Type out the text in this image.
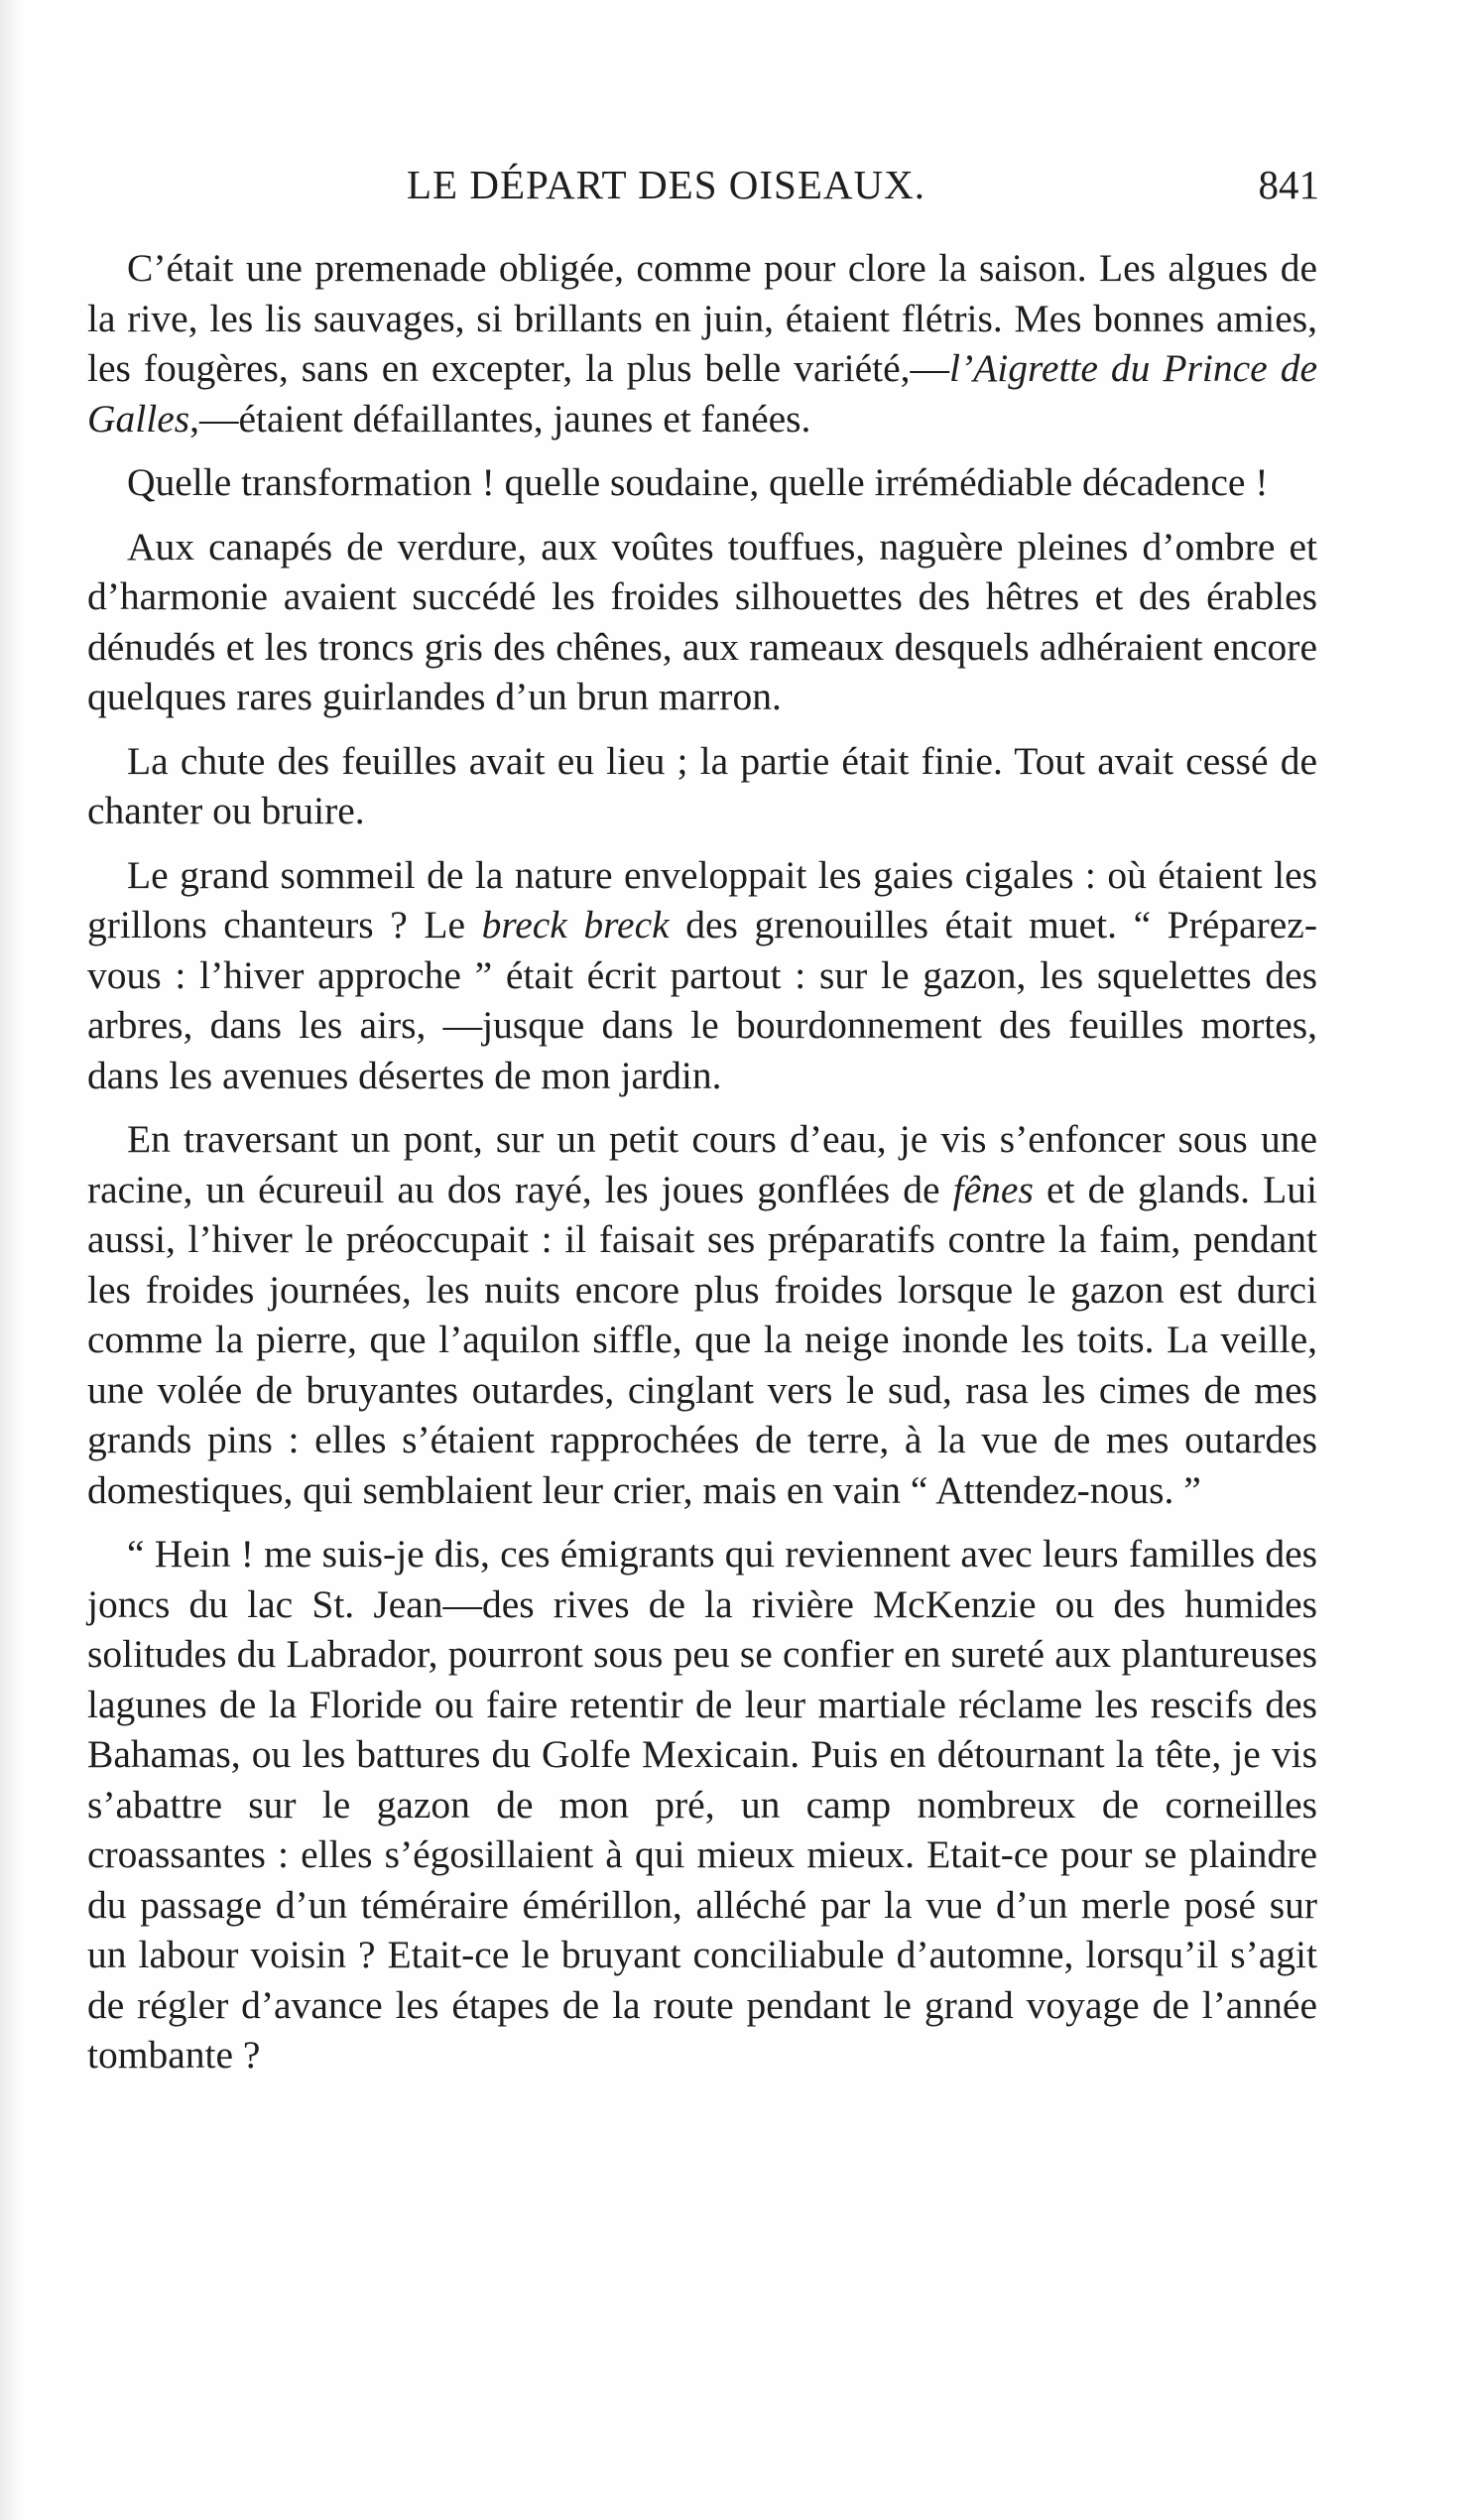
LE DÉPART DES OISEAUX.	841

C’était une premenade obligée, comme pour clore la saison. Les algues de la rive, les lis sauvages, si brillants en juin, étaient flétris. Mes bonnes amies, les fougères, sans en excepter, la plus belle variété,—l’Aigrette du Prince de Galles,—étaient défaillantes, jaunes et fanées.

Quelle transformation ! quelle soudaine, quelle irrémédiable décadence !

Aux canapés de verdure, aux voûtes touffues, naguère pleines d’ombre et d’harmonie avaient succédé les froides silhouettes des hêtres et des érables dénudés et les troncs gris des chênes, aux rameaux desquels adhéraient encore quelques rares guirlandes d’un brun marron.

La chute des feuilles avait eu lieu ; la partie était finie. Tout avait cessé de chanter ou bruire.

Le grand sommeil de la nature enveloppait les gaies cigales : où étaient les grillons chanteurs ? Le breck breck des grenouilles était muet. “ Préparez-vous : l’hiver approche ” était écrit partout : sur le gazon, les squelettes des arbres, dans les airs, —jusque dans le bourdonnement des feuilles mortes, dans les avenues désertes de mon jardin.

En traversant un pont, sur un petit cours d’eau, je vis s’enfoncer sous une racine, un écureuil au dos rayé, les joues gonflées de fênes et de glands. Lui aussi, l’hiver le préoccupait : il faisait ses préparatifs contre la faim, pendant les froides journées, les nuits encore plus froides lorsque le gazon est durci comme la pierre, que l’aquilon siffle, que la neige inonde les toits. La veille, une volée de bruyantes outardes, cinglant vers le sud, rasa les cimes de mes grands pins : elles s’étaient rapprochées de terre, à la vue de mes outardes domestiques, qui semblaient leur crier, mais en vain “ Attendez-nous. ”

“ Hein ! me suis-je dis, ces émigrants qui reviennent avec leurs familles des joncs du lac St. Jean—des rives de la rivière McKenzie ou des humides solitudes du Labrador, pourront sous peu se confier en sureté aux plantureuses lagunes de la Floride ou faire retentir de leur martiale réclame les rescifs des Bahamas, ou les battures du Golfe Mexicain. Puis en détournant la tête, je vis s’abattre sur le gazon de mon pré, un camp nombreux de corneilles croassantes : elles s’égosillaient à qui mieux mieux. Etait-ce pour se plaindre du passage d’un téméraire émérillon, alléché par la vue d’un merle posé sur un labour voisin ? Etait-ce le bruyant conciliabule d’automne, lorsqu’il s’agit de régler d’avance les étapes de la route pendant le grand voyage de l’année tombante ?
